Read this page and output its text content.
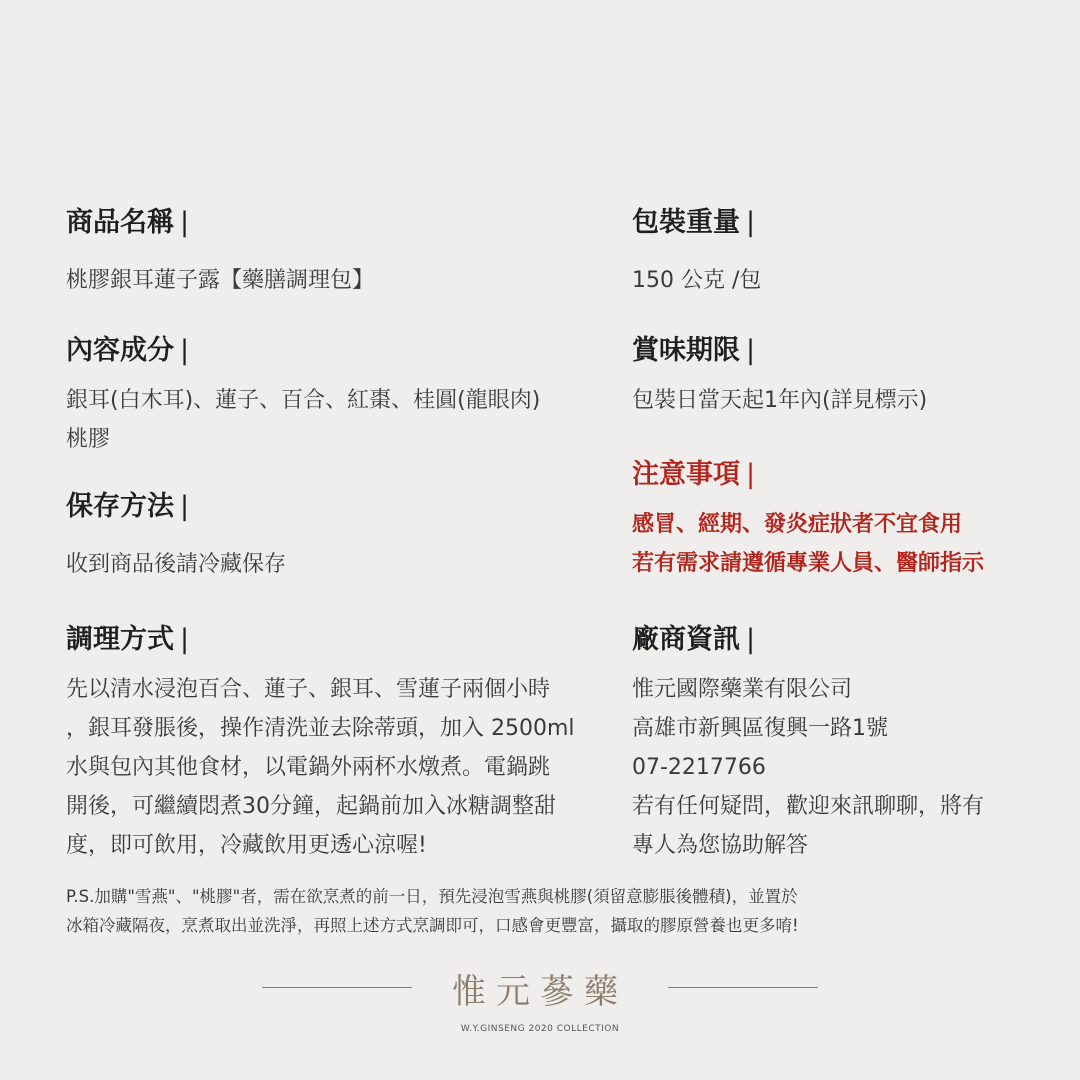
商品名稱 |
桃膠銀耳蓮子露【藥膳調理包】
包裝重量 |
150 公克 /包
內容成分 |
銀耳(白木耳)、蓮子、百合、紅棗、桂圓(龍眼肉)
桃膠
賞味期限 |
包裝日當天起1年內(詳見標示)
注意事項 |
感冒、經期、發炎症狀者不宜食用
若有需求請遵循專業人員、醫師指示
保存方法 |
收到商品後請冷藏保存
調理方式 |
先以清水浸泡百合、蓮子、銀耳、雪蓮子兩個小時
，銀耳發脹後，操作清洗並去除蒂頭，加入 2500ml
水與包內其他食材，以電鍋外兩杯水燉煮。電鍋跳
開後，可繼續悶煮30分鐘，起鍋前加入冰糖調整甜
度，即可飲用，冷藏飲用更透心涼喔!
廠商資訊 |
惟元國際藥業有限公司
高雄市新興區復興一路1號
07-2217766
若有任何疑問，歡迎來訊聊聊，將有
專人為您協助解答
P.S.加購"雪燕"、"桃膠"者，需在欲烹煮的前一日，預先浸泡雪燕與桃膠(須留意膨脹後體積)，並置於
冰箱冷藏隔夜，烹煮取出並洗淨，再照上述方式烹調即可，口感會更豐富，攝取的膠原營養也更多唷!
惟元蔘藥
W.Y.GINSENG 2020 COLLECTION
